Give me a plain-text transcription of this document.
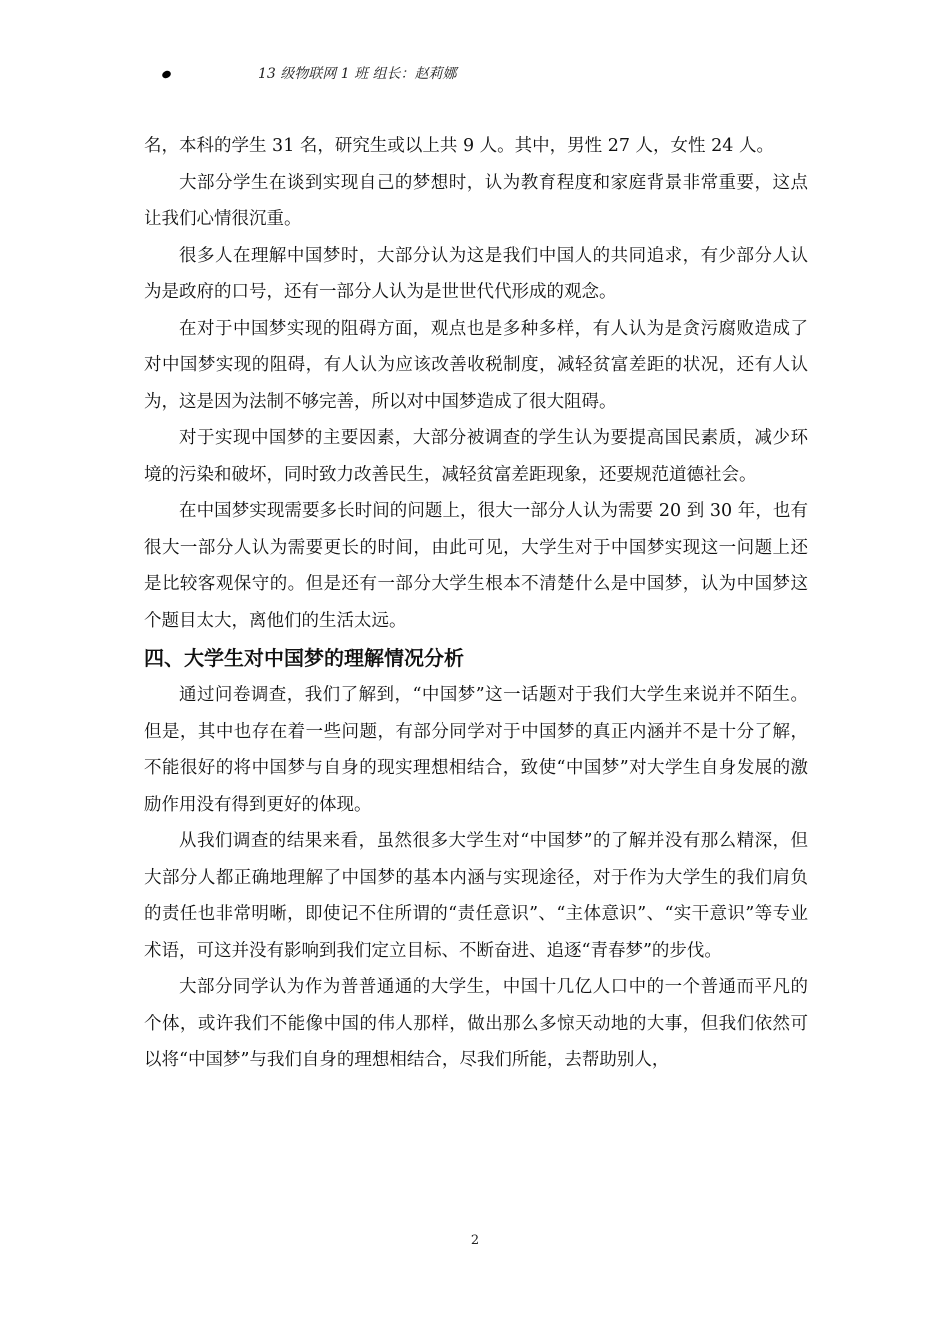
13 级物联网 1 班 组长：赵莉娜

名，本科的学生 31 名，研究生或以上共 9 人。其中，男性 27 人，女性 24 人。

大部分学生在谈到实现自己的梦想时，认为教育程度和家庭背景非常重要，这点让我们心情很沉重。

很多人在理解中国梦时，大部分认为这是我们中国人的共同追求，有少部分人认为是政府的口号，还有一部分人认为是世世代代形成的观念。

在对于中国梦实现的阻碍方面，观点也是多种多样，有人认为是贪污腐败造成了对中国梦实现的阻碍，有人认为应该改善收税制度，减轻贫富差距的状况，还有人认为，这是因为法制不够完善，所以对中国梦造成了很大阻碍。

对于实现中国梦的主要因素，大部分被调查的学生认为要提高国民素质，减少环境的污染和破坏，同时致力改善民生，减轻贫富差距现象，还要规范道德社会。

在中国梦实现需要多长时间的问题上，很大一部分人认为需要 20 到 30 年，也有很大一部分人认为需要更长的时间，由此可见，大学生对于中国梦实现这一问题上还是比较客观保守的。但是还有一部分大学生根本不清楚什么是中国梦，认为中国梦这个题目太大，离他们的生活太远。

四、大学生对中国梦的理解情况分析

通过问卷调查，我们了解到，“中国梦”这一话题对于我们大学生来说并不陌生。但是，其中也存在着一些问题，有部分同学对于中国梦的真正内涵并不是十分了解，不能很好的将中国梦与自身的现实理想相结合，致使“中国梦”对大学生自身发展的激励作用没有得到更好的体现。

从我们调查的结果来看，虽然很多大学生对“中国梦”的了解并没有那么精深，但大部分人都正确地理解了中国梦的基本内涵与实现途径，对于作为大学生的我们肩负的责任也非常明晰，即使记不住所谓的“责任意识”、“主体意识”、“实干意识”等专业术语，可这并没有影响到我们定立目标、不断奋进、追逐“青春梦”的步伐。

大部分同学认为作为普普通通的大学生，中国十几亿人口中的一个普通而平凡的个体，或许我们不能像中国的伟人那样，做出那么多惊天动地的大事，但我们依然可以将“中国梦”与我们自身的理想相结合，尽我们所能，去帮助别人，

2
